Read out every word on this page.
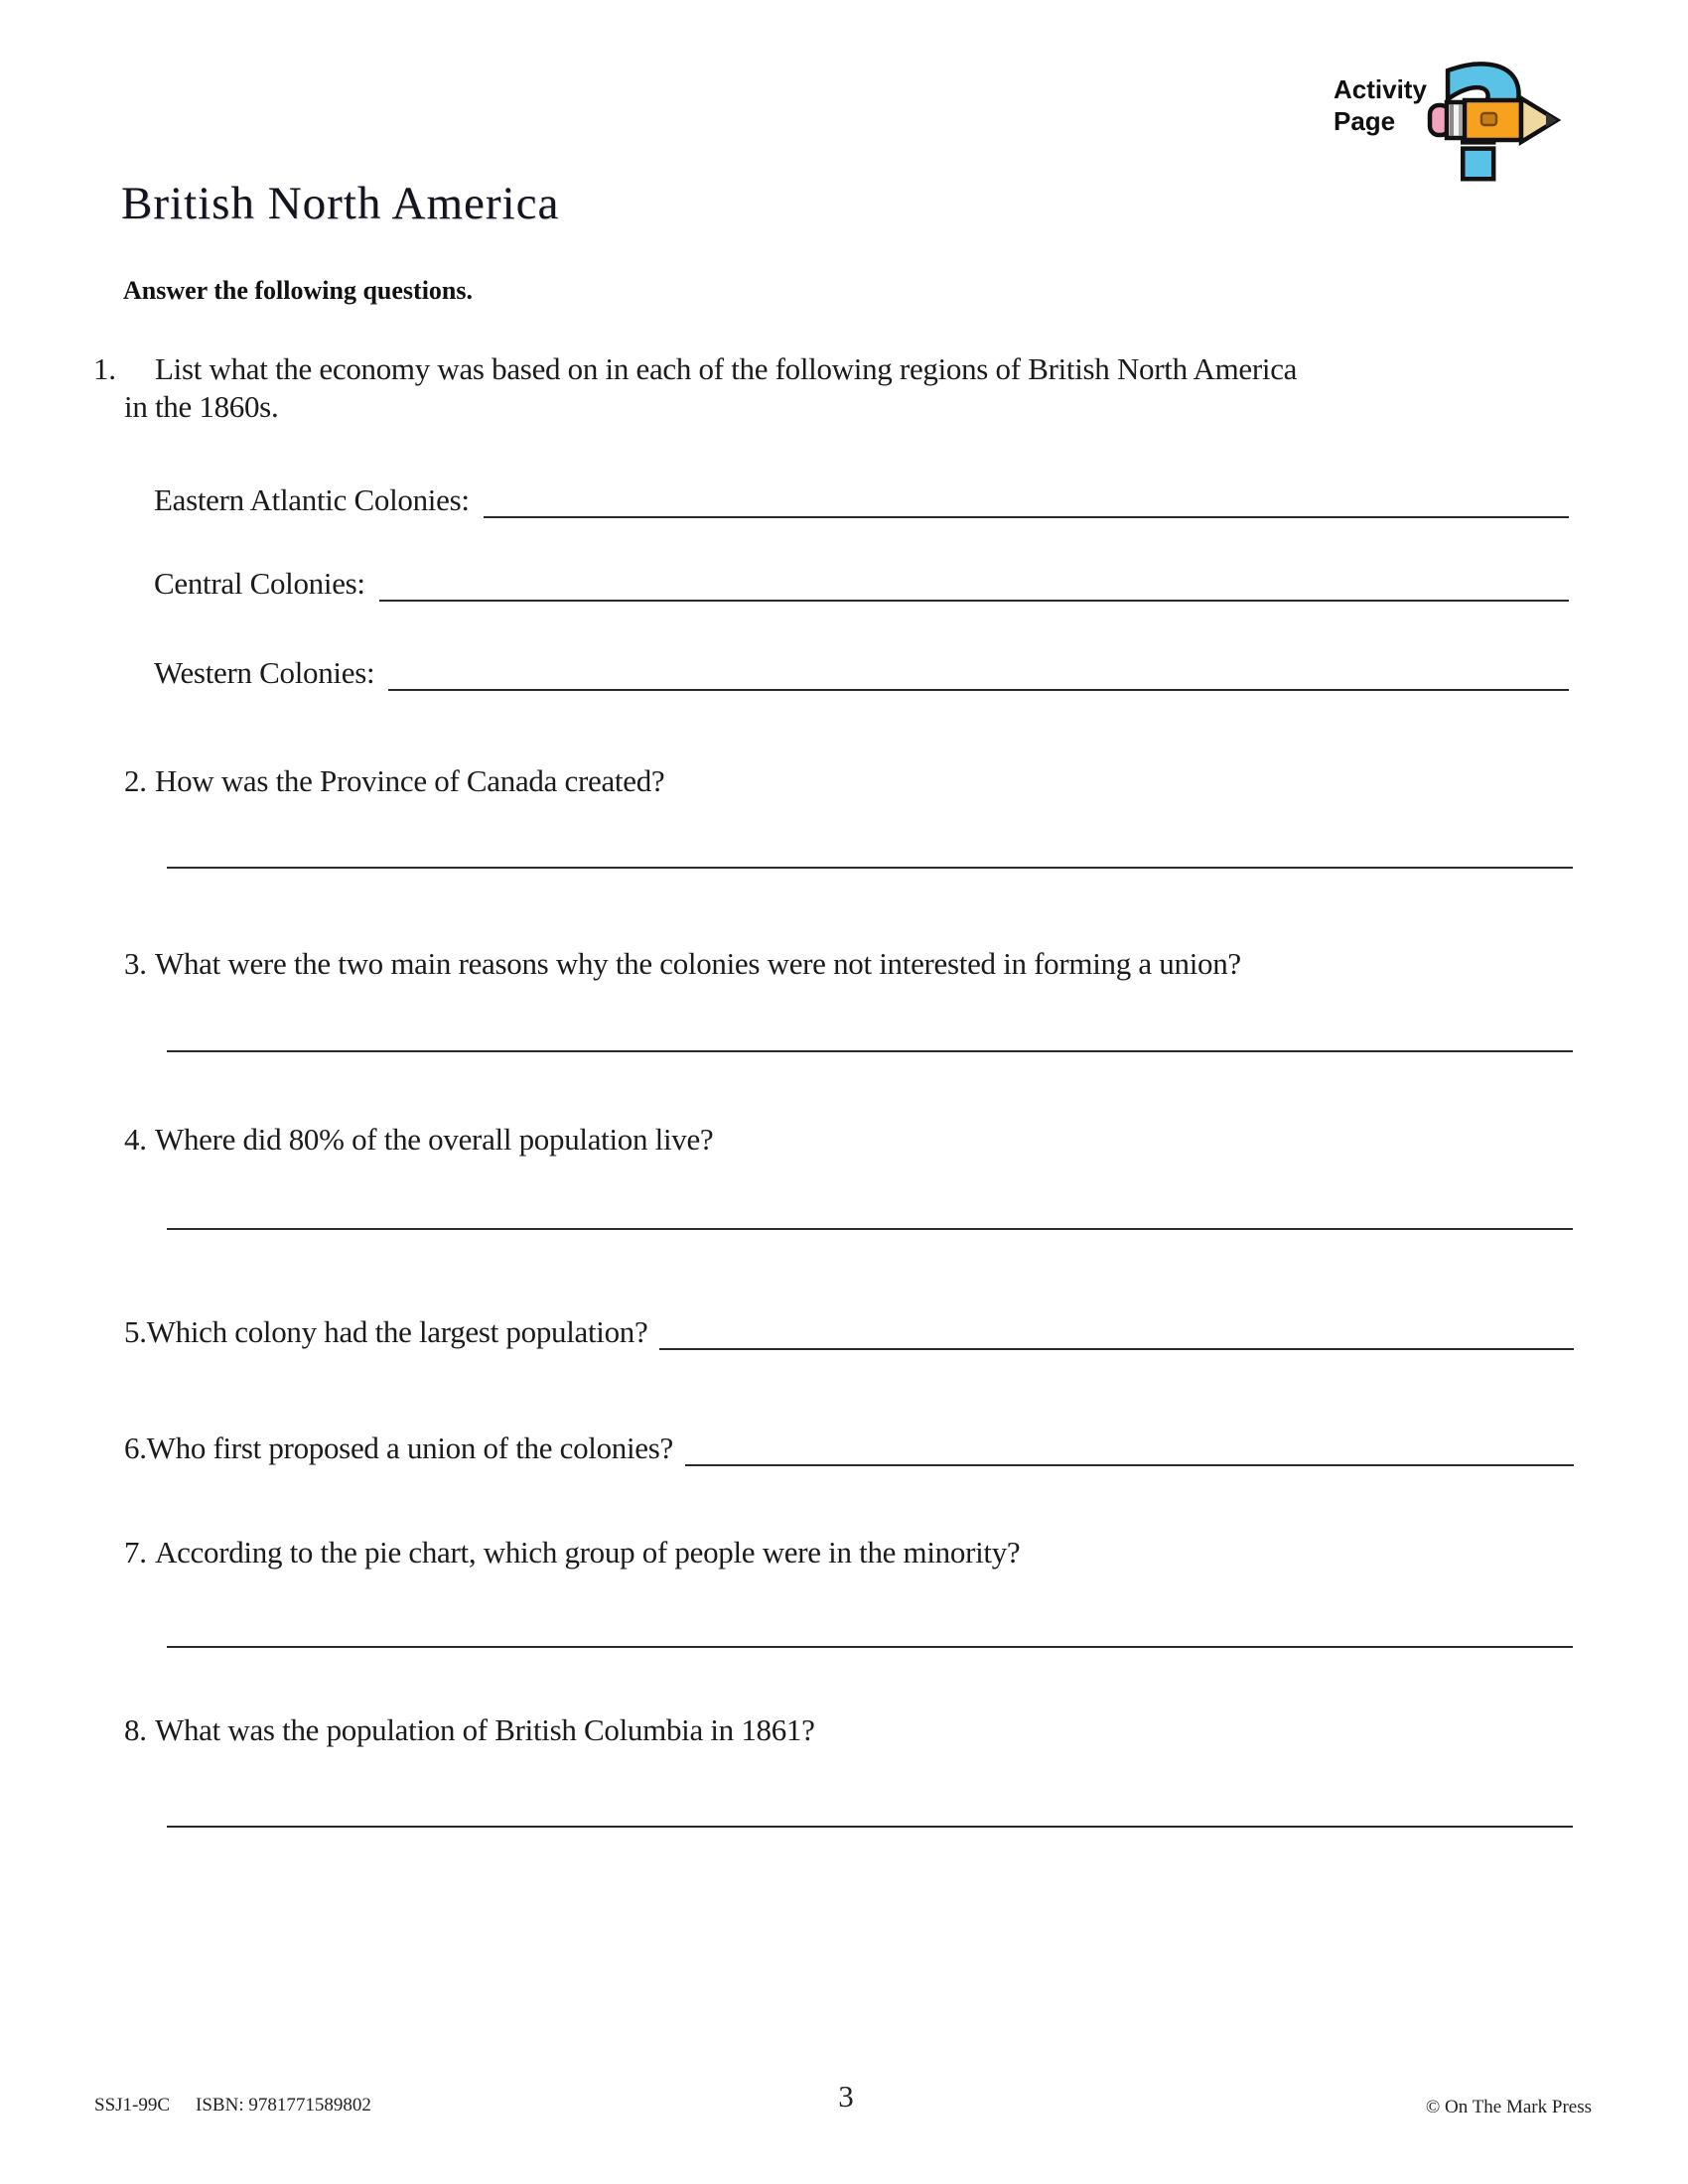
Activity
Page
British North America
Answer the following questions.
1. List what the economy was based on in each of the following regions of British North America
in the 1860s.
Eastern Atlantic Colonies:
Central Colonies:
Western Colonies:
2. How was the Province of Canada created?
3. What were the two main reasons why the colonies were not interested in forming a union?
4. Where did 80% of the overall population live?
5.Which colony had the largest population?
6.Who first proposed a union of the colonies?
7. According to the pie chart, which group of people were in the minority?
8. What was the population of British Columbia in 1861?
SSJ1-99C ISBN: 9781771589802	3	© On The Mark Press
